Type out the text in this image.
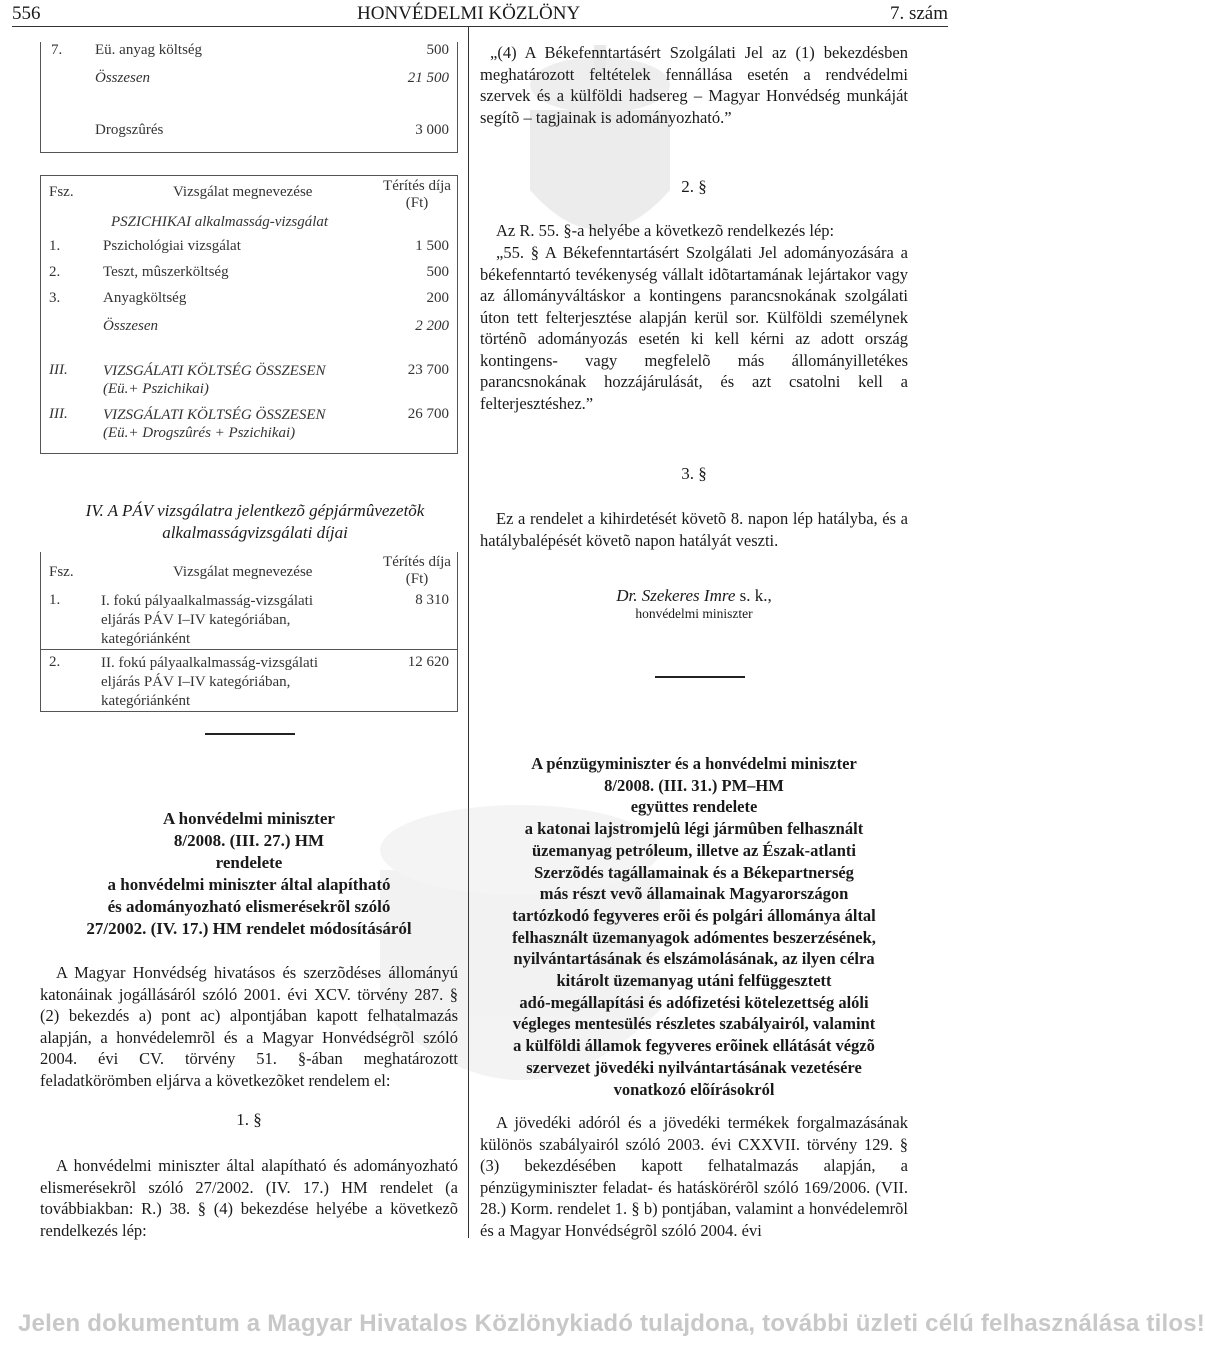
556	HONVÉDELMI KÖZLÖNY	7. szám
7.	Eü. anyag költség	500
	Összesen	21 500
	Drogszûrés	3 000
Fsz.	Vizsgálat megnevezése	Térítés díja (Ft)
	PSZICHIKAI alkalmasság-vizsgálat	
1.	Pszichológiai vizsgálat	1 500
2.	Teszt, mûszerköltség	500
3.	Anyagköltség	200
	Összesen	2 200
III.	VIZSGÁLATI KÖLTSÉG ÖSSZESEN (Eü.+ Pszichikai)	23 700
III.	VIZSGÁLATI KÖLTSÉG ÖSSZESEN (Eü.+ Drogszûrés + Pszichikai)	26 700
IV. A PÁV vizsgálatra jelentkezõ gépjármûvezetõk alkalmasságvizsgálati díjai
Fsz.	Vizsgálat megnevezése	Térítés díja (Ft)
1.	I. fokú pályaalkalmasság-vizsgálati eljárás PÁV I–IV kategóriában, kategóriánként	8 310
2.	II. fokú pályaalkalmasság-vizsgálati eljárás PÁV I–IV kategóriában, kategóriánként	12 620
A honvédelmi miniszter
8/2008. (III. 27.) HM
rendelete
a honvédelmi miniszter által alapítható
és adományozható elismerésekrõl szóló
27/2002. (IV. 17.) HM rendelet módosításáról
A Magyar Honvédség hivatásos és szerzõdéses állományú katonáinak jogállásáról szóló 2001. évi XCV. törvény 287. § (2) bekezdés a) pont ac) alpontjában kapott felhatalmazás alapján, a honvédelemrõl és a Magyar Honvédségrõl szóló 2004. évi CV. törvény 51. §-ában meghatározott feladatkörömben eljárva a következõket rendelem el:
1. §
A honvédelmi miniszter által alapítható és adományozható elismerésekrõl szóló 27/2002. (IV. 17.) HM rendelet (a továbbiakban: R.) 38. § (4) bekezdése helyébe a következõ rendelkezés lép:
„(4) A Békefenntartásért Szolgálati Jel az (1) bekezdésben meghatározott feltételek fennállása esetén a rendvédelmi szervek és a külföldi hadsereg – Magyar Honvédség munkáját segítõ – tagjainak is adományozható.”
2. §
Az R. 55. §-a helyébe a következõ rendelkezés lép:
„55. § A Békefenntartásért Szolgálati Jel adományozására a békefenntartó tevékenység vállalt idõtartamának lejártakor vagy az állományváltáskor a kontingens parancsnokának szolgálati úton tett felterjesztése alapján kerül sor. Külföldi személynek történõ adományozás esetén ki kell kérni az adott ország kontingens- vagy megfelelõ más állományilletékes parancsnokának hozzájárulását, és azt csatolni kell a felterjesztéshez.”
3. §
Ez a rendelet a kihirdetését követõ 8. napon lép hatályba, és a hatálybalépését követõ napon hatályát veszti.
Dr. Szekeres Imre s. k.,
honvédelmi miniszter
A pénzügyminiszter és a honvédelmi miniszter
8/2008. (III. 31.) PM–HM
együttes rendelete
a katonai lajstromjelû légi jármûben felhasznált
üzemanyag petróleum, illetve az Észak-atlanti
Szerzõdés tagállamainak és a Békepartnerség
más részt vevõ államainak Magyarországon
tartózkodó fegyveres erõi és polgári állománya által
felhasznált üzemanyagok adómentes beszerzésének,
nyilvántartásának és elszámolásának, az ilyen célra
kitárolt üzemanyag utáni felfüggesztett
adó-megállapítási és adófizetési kötelezettség alóli
végleges mentesülés részletes szabályairól, valamint
a külföldi államok fegyveres erõinek ellátását végzõ
szervezet jövedéki nyilvántartásának vezetésére
vonatkozó elõírásokról
A jövedéki adóról és a jövedéki termékek forgalmazásának különös szabályairól szóló 2003. évi CXXVII. törvény 129. § (3) bekezdésében kapott felhatalmazás alapján, a pénzügyminiszter feladat- és hatáskörérõl szóló 169/2006. (VII. 28.) Korm. rendelet 1. § b) pontjában, valamint a honvédelemrõl és a Magyar Honvédségrõl szóló 2004. évi
Jelen dokumentum a Magyar Hivatalos Közlönykiadó tulajdona, további üzleti célú felhasználása tilos!
